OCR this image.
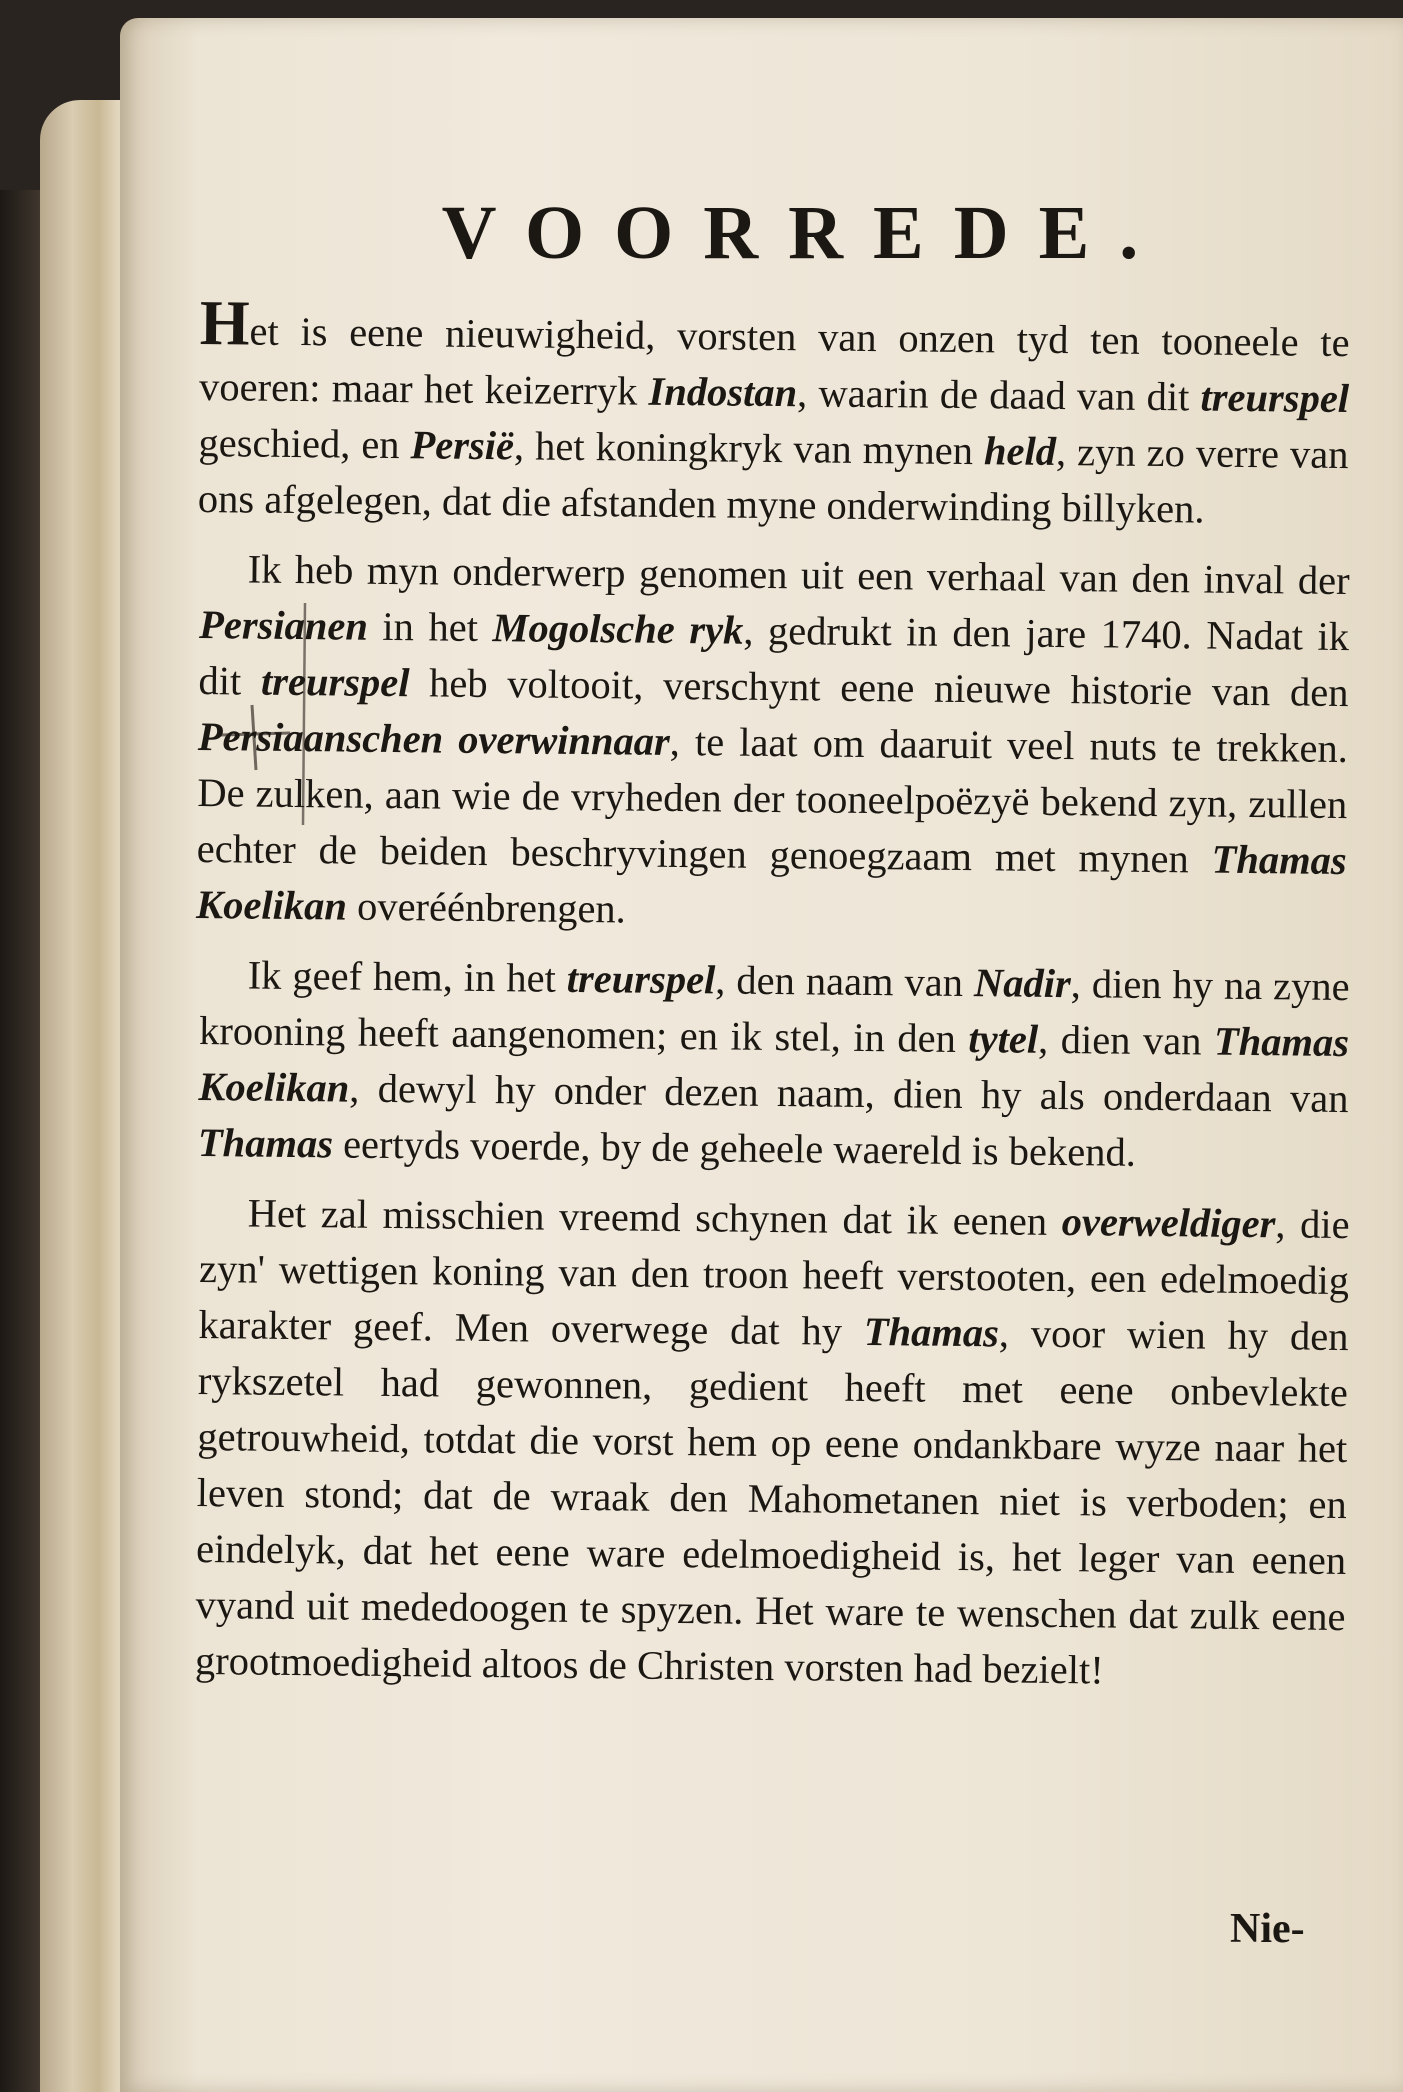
VOORREDE.

Het is eene nieuwigheid, vorsten van onzen tyd ten tooneele te voeren: maar het keizerryk Indostan, waarin de daad van dit treurspel geschied, en Persië, het koningkryk van mynen held, zyn zo verre van ons afgelegen, dat die afstanden myne onderwinding billyken.

Ik heb myn onderwerp genomen uit een verhaal van den inval der Persianen in het Mogolsche ryk, gedrukt in den jare 1740. Nadat ik dit treurspel heb voltooit, verschynt eene nieuwe historie van den Persiaanschen overwinnaar, te laat om daaruit veel nuts te trekken. De zulken, aan wie de vryheden der tooneelpoëzyë bekend zyn, zullen echter de beiden beschryvingen genoegzaam met mynen Thamas Koelikan overéénbrengen.

Ik geef hem, in het treurspel, den naam van Nadir, dien hy na zyne krooning heeft aangenomen; en ik stel, in den tytel, dien van Thamas Koelikan, dewyl hy onder dezen naam, dien hy als onderdaan van Thamas eertyds voerde, by de geheele waereld is bekend.

Het zal misschien vreemd schynen dat ik eenen overweldiger, die zyn' wettigen koning van den troon heeft verstooten, een edelmoedig karakter geef. Men overwege dat hy Thamas, voor wien hy den rykszetel had gewonnen, gedient heeft met eene onbevlekte getrouwheid, totdat die vorst hem op eene ondankbare wyze naar het leven stond; dat de wraak den Mahometanen niet is verboden; en eindelyk, dat het eene ware edelmoedigheid is, het leger van eenen vyand uit mededoogen te spyzen. Het ware te wenschen dat zulk eene grootmoedigheid altoos de Christen vorsten had bezielt!

Nie-
